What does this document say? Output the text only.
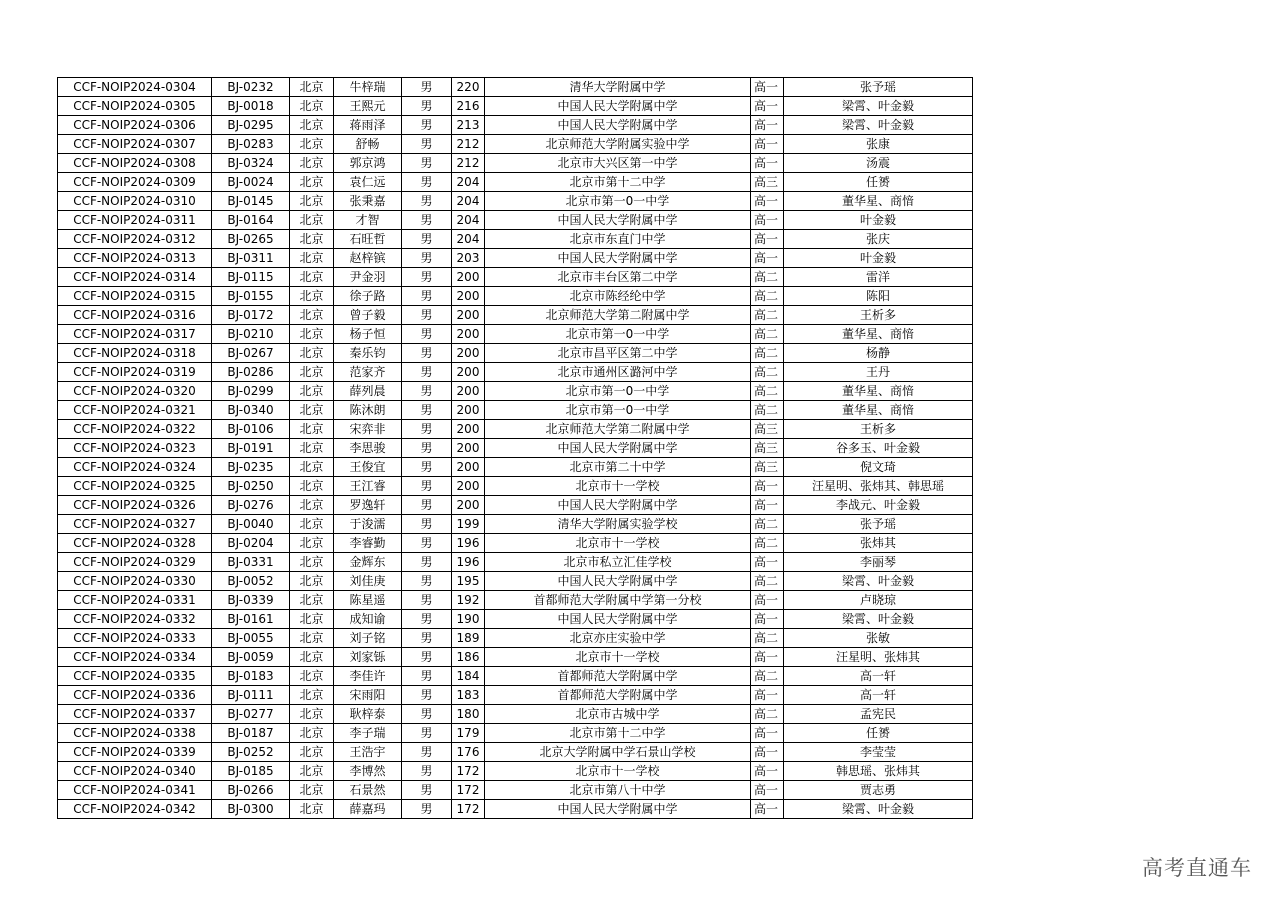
CCF-NOIP2024-0304	BJ-0232	北京	牛梓瑞	男	220	清华大学附属中学	高一	张予瑶
CCF-NOIP2024-0305	BJ-0018	北京	王熙元	男	216	中国人民大学附属中学	高一	梁霄、叶金毅
CCF-NOIP2024-0306	BJ-0295	北京	蒋雨泽	男	213	中国人民大学附属中学	高一	梁霄、叶金毅
CCF-NOIP2024-0307	BJ-0283	北京	舒畅	男	212	北京师范大学附属实验中学	高一	张康
CCF-NOIP2024-0308	BJ-0324	北京	郭京鸿	男	212	北京市大兴区第一中学	高一	汤震
CCF-NOIP2024-0309	BJ-0024	北京	袁仁远	男	204	北京市第十二中学	高三	任赟
CCF-NOIP2024-0310	BJ-0145	北京	张秉嘉	男	204	北京市第一0一中学	高一	董华星、商愔
CCF-NOIP2024-0311	BJ-0164	北京	才智	男	204	中国人民大学附属中学	高一	叶金毅
CCF-NOIP2024-0312	BJ-0265	北京	石旺哲	男	204	北京市东直门中学	高一	张庆
CCF-NOIP2024-0313	BJ-0311	北京	赵梓镔	男	203	中国人民大学附属中学	高一	叶金毅
CCF-NOIP2024-0314	BJ-0115	北京	尹金羽	男	200	北京市丰台区第二中学	高二	雷洋
CCF-NOIP2024-0315	BJ-0155	北京	徐子路	男	200	北京市陈经纶中学	高二	陈阳
CCF-NOIP2024-0316	BJ-0172	北京	曾子毅	男	200	北京师范大学第二附属中学	高二	王析多
CCF-NOIP2024-0317	BJ-0210	北京	杨子恒	男	200	北京市第一0一中学	高二	董华星、商愔
CCF-NOIP2024-0318	BJ-0267	北京	秦乐钧	男	200	北京市昌平区第二中学	高二	杨静
CCF-NOIP2024-0319	BJ-0286	北京	范家齐	男	200	北京市通州区潞河中学	高二	王丹
CCF-NOIP2024-0320	BJ-0299	北京	薛列晨	男	200	北京市第一0一中学	高二	董华星、商愔
CCF-NOIP2024-0321	BJ-0340	北京	陈沐朗	男	200	北京市第一0一中学	高二	董华星、商愔
CCF-NOIP2024-0322	BJ-0106	北京	宋弈非	男	200	北京师范大学第二附属中学	高三	王析多
CCF-NOIP2024-0323	BJ-0191	北京	李思骏	男	200	中国人民大学附属中学	高三	谷多玉、叶金毅
CCF-NOIP2024-0324	BJ-0235	北京	王俊宜	男	200	北京市第二十中学	高三	倪文琦
CCF-NOIP2024-0325	BJ-0250	北京	王江睿	男	200	北京市十一学校	高一	汪星明、张炜其、韩思瑶
CCF-NOIP2024-0326	BJ-0276	北京	罗逸轩	男	200	中国人民大学附属中学	高一	李战元、叶金毅
CCF-NOIP2024-0327	BJ-0040	北京	于浚濡	男	199	清华大学附属实验学校	高二	张予瑶
CCF-NOIP2024-0328	BJ-0204	北京	李睿勤	男	196	北京市十一学校	高二	张炜其
CCF-NOIP2024-0329	BJ-0331	北京	金辉东	男	196	北京市私立汇佳学校	高一	李丽琴
CCF-NOIP2024-0330	BJ-0052	北京	刘佳庚	男	195	中国人民大学附属中学	高二	梁霄、叶金毅
CCF-NOIP2024-0331	BJ-0339	北京	陈星遥	男	192	首都师范大学附属中学第一分校	高一	卢晓琼
CCF-NOIP2024-0332	BJ-0161	北京	成知谕	男	190	中国人民大学附属中学	高一	梁霄、叶金毅
CCF-NOIP2024-0333	BJ-0055	北京	刘子铭	男	189	北京亦庄实验中学	高二	张敏
CCF-NOIP2024-0334	BJ-0059	北京	刘家铄	男	186	北京市十一学校	高一	汪星明、张炜其
CCF-NOIP2024-0335	BJ-0183	北京	李佳许	男	184	首都师范大学附属中学	高二	高一轩
CCF-NOIP2024-0336	BJ-0111	北京	宋雨阳	男	183	首都师范大学附属中学	高一	高一轩
CCF-NOIP2024-0337	BJ-0277	北京	耿梓泰	男	180	北京市古城中学	高二	孟宪民
CCF-NOIP2024-0338	BJ-0187	北京	李子瑞	男	179	北京市第十二中学	高一	任赟
CCF-NOIP2024-0339	BJ-0252	北京	王浩宇	男	176	北京大学附属中学石景山学校	高一	李莹莹
CCF-NOIP2024-0340	BJ-0185	北京	李博然	男	172	北京市十一学校	高一	韩思瑶、张炜其
CCF-NOIP2024-0341	BJ-0266	北京	石景然	男	172	北京市第八十中学	高一	贾志勇
CCF-NOIP2024-0342	BJ-0300	北京	薛嘉玛	男	172	中国人民大学附属中学	高一	梁霄、叶金毅
高考直通车
